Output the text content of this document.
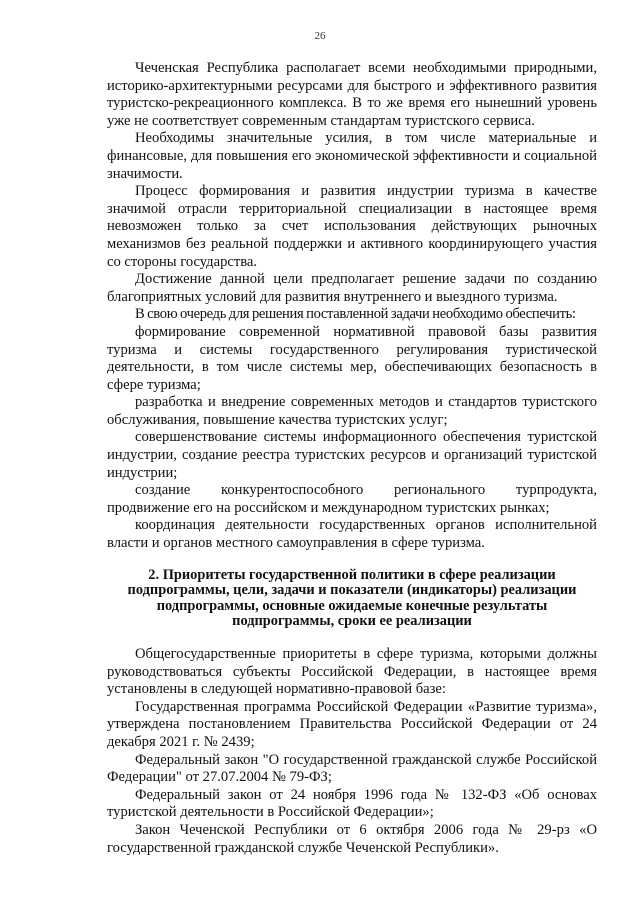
26

Чеченская Республика располагает всеми необходимыми природными, историко-архитектурными ресурсами для быстрого и эффективного развития туристско-рекреационного комплекса. В то же время его нынешний уровень уже не соответствует современным стандартам туристского сервиса.

Необходимы значительные усилия, в том числе материальные и финансовые, для повышения его экономической эффективности и социальной значимости.

Процесс формирования и развития индустрии туризма в качестве значимой отрасли территориальной специализации в настоящее время невозможен только за счет использования действующих рыночных механизмов без реальной поддержки и активного координирующего участия со стороны государства.

Достижение данной цели предполагает решение задачи по созданию благоприятных условий для развития внутреннего и выездного туризма.

В свою очередь для решения поставленной задачи необходимо обеспечить:

формирование современной нормативной правовой базы развития туризма и системы государственного регулирования туристической деятельности, в том числе системы мер, обеспечивающих безопасность в сфере туризма;

разработка и внедрение современных методов и стандартов туристского обслуживания, повышение качества туристских услуг;

совершенствование системы информационного обеспечения туристской индустрии, создание реестра туристских ресурсов и организаций туристской индустрии;

создание конкурентоспособного регионального турпродукта, продвижение его на российском и международном туристских рынках;

координация деятельности государственных органов исполнительной власти и органов местного самоуправления в сфере туризма.

2. Приоритеты государственной политики в сфере реализации подпрограммы, цели, задачи и показатели (индикаторы) реализации подпрограммы, основные ожидаемые конечные результаты подпрограммы, сроки ее реализации

Общегосударственные приоритеты в сфере туризма, которыми должны руководствоваться субъекты Российской Федерации, в настоящее время установлены в следующей нормативно-правовой базе:

Государственная программа Российской Федерации «Развитие туризма», утверждена постановлением Правительства Российской Федерации от 24 декабря 2021 г. № 2439;

Федеральный закон "О государственной гражданской службе Российской Федерации" от 27.07.2004 № 79-ФЗ;

Федеральный закон от 24 ноября 1996 года № 132-ФЗ «Об основах туристской деятельности в Российской Федерации»;

Закон Чеченской Республики от 6 октября 2006 года № 29-рз «О государственной гражданской службе Чеченской Республики».
